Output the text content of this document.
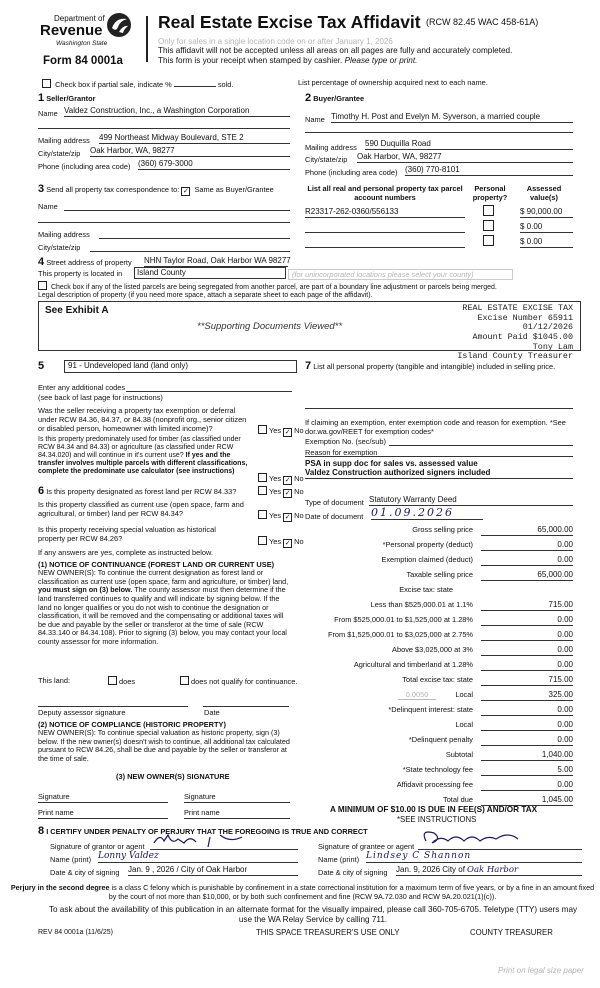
Department of
Revenue
Washington State
Form 84 0001a
Real Estate Excise Tax Affidavit (RCW 82.45 WAC 458-61A)
Only for sales in a single location code on or after January 1, 2026
This affidavit will not be accepted unless all areas on all pages are fully and accurately completed.
This form is your receipt when stamped by cashier. Please type or print.
Check box if partial sale, indicate %	sold.	List percentage of ownership acquired next to each name.
1 Seller/Grantor
Name Valdez Construction, Inc., a Washington Corporation
Mailing address 499 Northeast Midway Boulevard, STE 2
City/state/zip Oak Harbor, WA, 98277
Phone (including area code) (360) 679-3000
2 Buyer/Grantee
Name Timothy H. Post and Evelyn M. Syverson, a married couple
Mailing address 590 Duquilla Road
City/state/zip Oak Harbor, WA, 98277
Phone (including area code) (360) 770-8101
3 Send all property tax correspondence to: ✓ Same as Buyer/Grantee
Name
Mailing address
City/state/zip
List all real and personal property tax parcel account numbers
Personal property?
Assessed value(s)
R23317-262-0360/556133	$ 90,000.00
$ 0.00
$ 0.00
4 Street address of property NHN Taylor Road, Oak Harbor WA 98277
This property is located in	Island County	(for unincorporated locations please select your county)
Check box if any of the listed parcels are being segregated from another parcel, are part of a boundary line adjustment or parcels being merged.
Legal description of property (if you need more space, attach a separate sheet to each page of the affidavit).
See Exhibit A
**Supporting Documents Viewed**
REAL ESTATE EXCISE TAX
Excise Number 65911
01/12/2026
Amount Paid $1045.00
Tony Lam
Island County Treasurer
5	91 - Undeveloped land (land only)
Enter any additional codes
(see back of last page for instructions)
Was the seller receiving a property tax exemption or deferral under RCW 84.36, 84.37, or 84.38 (nonprofit org., senior citizen or disabled person, homeowner with limited income)?	Yes ✓ No
Is this property predominately used for timber (as classified under RCW 84.34 and 84.33) or agriculture (as classified under RCW 84.34.020) and will continue in it's current use? If yes and the transfer involves multiple parcels with different classifications, complete the predominate use calculator (see instructions)
Yes ✓ No
6 Is this property designated as forest land per RCW 84.33?	Yes ✓ No
Is this property classified as current use (open space, farm and agricultural, or timber) land per RCW 84.34?	Yes ✓ No
Is this property receiving special valuation as historical property per RCW 84.26?	Yes ✓ No
If any answers are yes, complete as instructed below.
(1) NOTICE OF CONTINUANCE (FOREST LAND OR CURRENT USE)
NEW OWNER(S): To continue the current designation as forest land or classification as current use (open space, farm and agriculture, or timber) land, you must sign on (3) below. The county assessor must then determine if the land transferred continues to qualify and will indicate by signing below. If the land no longer qualifies or you do not wish to continue the designation or classification, it will be removed and the compensating or additional taxes will be due and payable by the seller or transferor at the time of sale (RCW 84.33.140 or 84.34.108). Prior to signing (3) below, you may contact your local county assessor for more information.
This land:	does	does not qualify for continuance.
Deputy assessor signature	Date
(2) NOTICE OF COMPLIANCE (HISTORIC PROPERTY)
NEW OWNER(S): To continue special valuation as historic property, sign (3) below. If the new owner(s) doesn't wish to continue, all additional tax calculated pursuant to RCW 84.26, shall be due and payable by the seller or transferor at the time of sale.
(3) NEW OWNER(S) SIGNATURE
Signature	Signature
Print name	Print name
7 List all personal property (tangible and intangible) included in selling price.
If claiming an exemption, enter exemption code and reason for exemption. *See dor.wa.gov/REET for exemption codes*
Exemption No. (sec/sub)
Reason for exemption
PSA in supp doc for sales vs. assessed value
Valdez Construction authorized signers included
Type of document Statutory Warranty Deed
Date of document 01.09.2026
Gross selling price	65,000.00
*Personal property (deduct)	0.00
Exemption claimed (deduct)	0.00
Taxable selling price	65,000.00
Excise tax: state
Less than $525,000.01 at 1.1%	715.00
From $525,000.01 to $1,525,000 at 1.28%	0.00
From $1,525,000.01 to $3,025,000 at 2.75%	0.00
Above $3,025,000 at 3%	0.00
Agricultural and timberland at 1.28%	0.00
Total excise tax: state	715.00
0.0050	Local	325.00
*Delinquent interest: state	0.00
Local	0.00
*Delinquent penalty	0.00
Subtotal	1,040.00
*State technology fee	5.00
Affidavit processing fee	0.00
Total due	1,045.00
A MINIMUM OF $10.00 IS DUE IN FEE(S) AND/OR TAX
*SEE INSTRUCTIONS
8 I CERTIFY UNDER PENALTY OF PERJURY THAT THE FOREGOING IS TRUE AND CORRECT
Signature of grantor or agent
Name (print) Lonny Valdez
Date & city of signing Jan. 9 , 2026 / City of Oak Harbor
Signature of grantee or agent
Name (print) Lindsey C Shannon
Date & city of signing Jan. 9, 2026 City of Oak Harbor
Perjury in the second degree is a class C felony which is punishable by confinement in a state correctional institution for a maximum term of five years, or by a fine in an amount fixed by the court of not more than $10,000, or by both such confinement and fine (RCW 9A.72.030 and RCW 9A.20.021(1)(c)).
To ask about the availability of this publication in an alternate format for the visually impaired, please call 360-705-6705. Teletype (TTY) users may use the WA Relay Service by calling 711.
REV 84 0001a (11/6/25)	THIS SPACE TREASURER'S USE ONLY	COUNTY TREASURER
Print on legal size paper
